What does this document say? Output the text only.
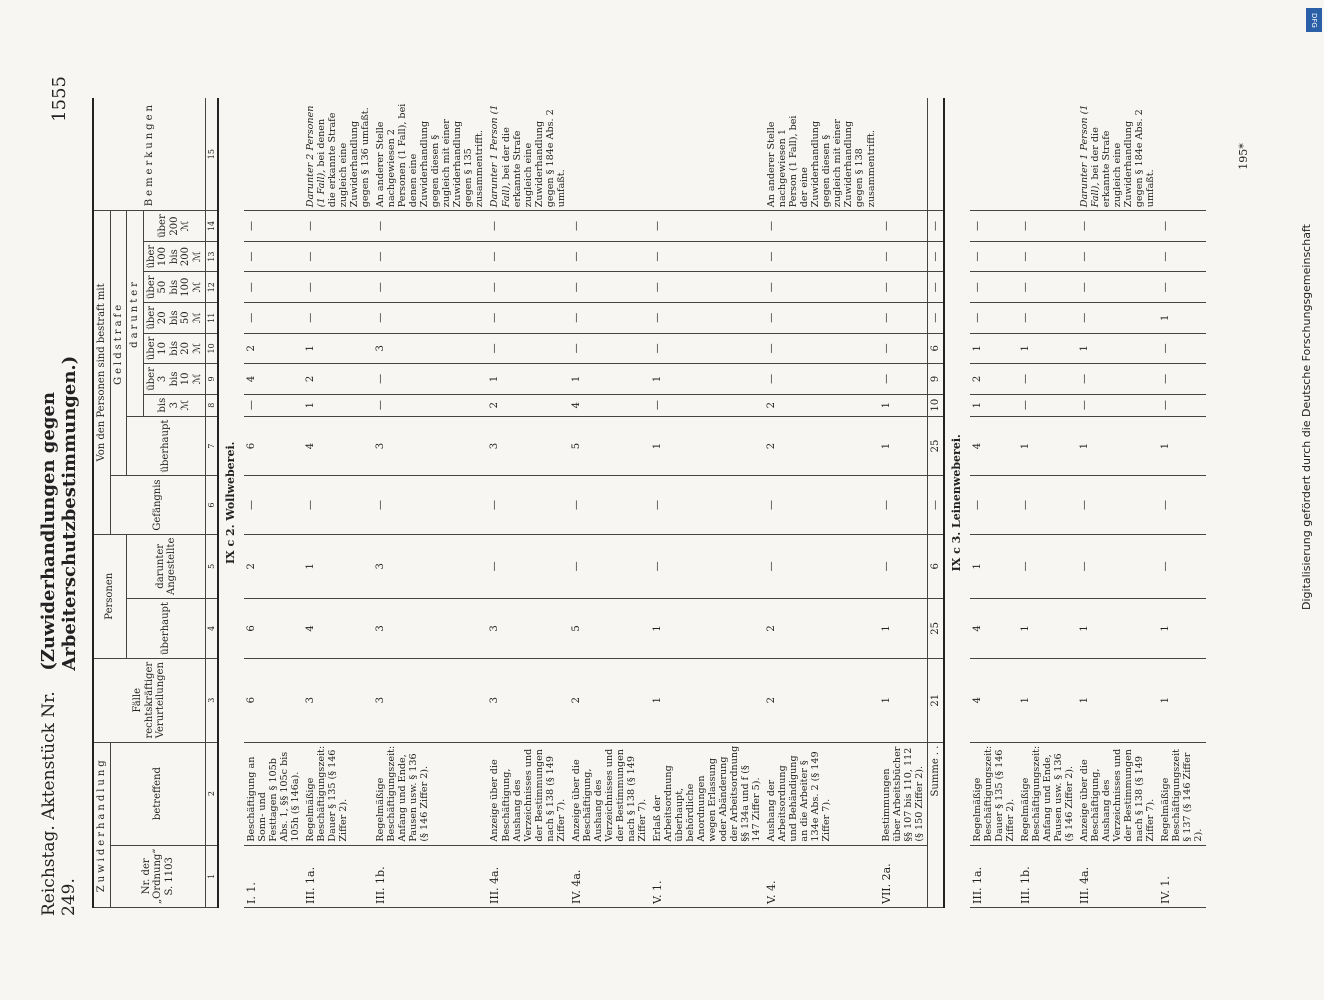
Reichstag. Aktenstück Nr. 249.
(Zuwiderhandlungen gegen Arbeiterschutzbestimmungen.)
1555
Zuwiderhandlung		Fälle rechtskräftiger Verurteilungen	Personen		Von den Personen sind bestraft mit									Bemerkungen
Nr. der „Ordnung“ S. 1103	betreffend				Gefängnis	Geldstrafe								
			überhaupt	darunter Angestellte		überhaupt	darunter							
							bis 3 ℳ	über 3 bis 10 ℳ	über 10 bis 20 ℳ	über 20 bis 50 ℳ	über 50 bis 100 ℳ	über 100 bis 200 ℳ	über 200 ℳ	
1	2	3	4	5	6	7	8	9	10	11	12	13	14	15
IX c 2. Wollweberei.														
I. 1.	Beschäftigung an Sonn- und Festtagen § 105b Abs. 1, §§ 105c bis 105h (§ 146a).	6	6	2	—	6	—	4	2	—	—	—	—	
III. 1a.	Regelmäßige Beschäftigungszeit: Dauer § 135 (§ 146 Ziffer 2).	3	4	1	—	4	1	2	1	—	—	—	—	Darunter 2 Personen (1 Fall), bei denen die erkannte Strafe zugleich eine Zuwiderhandlung gegen § 136 umfaßt.
III. 1b.	Regelmäßige Beschäftigungszeit: Anfang und Ende, Pausen usw. § 136 (§ 146 Ziffer 2).	3	3	3	—	3	—	—	3	—	—	—	—	An anderer Stelle nachgewiesen 2 Personen (1 Fall), bei denen eine Zuwiderhandlung gegen diesen § zugleich mit einer Zuwiderhandlung gegen § 135 zusammentrifft.
III. 4a.	Anzeige über die Beschäftigung, Aushang des Verzeichnisses und der Bestimmungen nach § 138 (§ 149 Ziffer 7).	3	3	—	—	3	2	1	—	—	—	—	—	Darunter 1 Person (1 Fall), bei der die erkannte Strafe zugleich eine Zuwiderhandlung gegen § 184e Abs. 2 umfaßt.
IV. 4a.	Anzeige über die Beschäftigung, Aushang des Verzeichnisses und der Bestimmungen nach § 138 (§ 149 Ziffer 7).	2	5	—	—	5	4	1	—	—	—	—	—	
V. 1.	Erlaß der Arbeitsordnung überhaupt, behördliche Anordnungen wegen Erlassung oder Abänderung der Arbeitsordnung §§ 134a und f (§ 147 Ziffer 5).	1	1	—	—	1	—	1	—	—	—	—	—	
V. 4.	Aushang der Arbeitsordnung und Behändigung an die Arbeiter § 134e Abs. 2 (§ 149 Ziffer 7).	2	2	—	—	2	2	—	—	—	—	—	—	An anderer Stelle nachgewiesen 1 Person (1 Fall), bei der eine Zuwiderhandlung gegen diesen § zugleich mit einer Zuwiderhandlung gegen § 138 zusammentrifft.
VII. 2a.	Bestimmungen über Arbeitsbücher §§ 107 bis 110, 112 (§ 150 Ziffer 2).	1	1	—	—	1	1	—	—	—	—	—	—	
Summe . .		21	25	6	—	25	10	9	6	—	—	—	—	
IX c 3. Leinenweberei.														
III. 1a.	Regelmäßige Beschäftigungszeit: Dauer § 135 (§ 146 Ziffer 2).	4	4	1	—	4	1	2	1	—	—	—	—	
III. 1b.	Regelmäßige Beschäftigungszeit: Anfang und Ende, Pausen usw. § 136 (§ 146 Ziffer 2).	1	1	—	—	1	—	—	1	—	—	—	—	
III. 4a.	Anzeige über die Beschäftigung, Aushang des Verzeichnisses und der Bestimmungen nach § 138 (§ 149 Ziffer 7).	1	1	—	—	1	—	—	1	—	—	—	—	Darunter 1 Person (1 Fall), bei der die erkannte Strafe zugleich eine Zuwiderhandlung gegen § 184e Abs. 2 umfaßt.
IV. 1.	Regelmäßige Beschäftigungszeit § 137 (§ 146 Ziffer 2).	1	1	—	—	1	—	—	—	1	—	—	—	
DFG
Digitalisierung gefördert durch die Deutsche Forschungsgemeinschaft
195*
